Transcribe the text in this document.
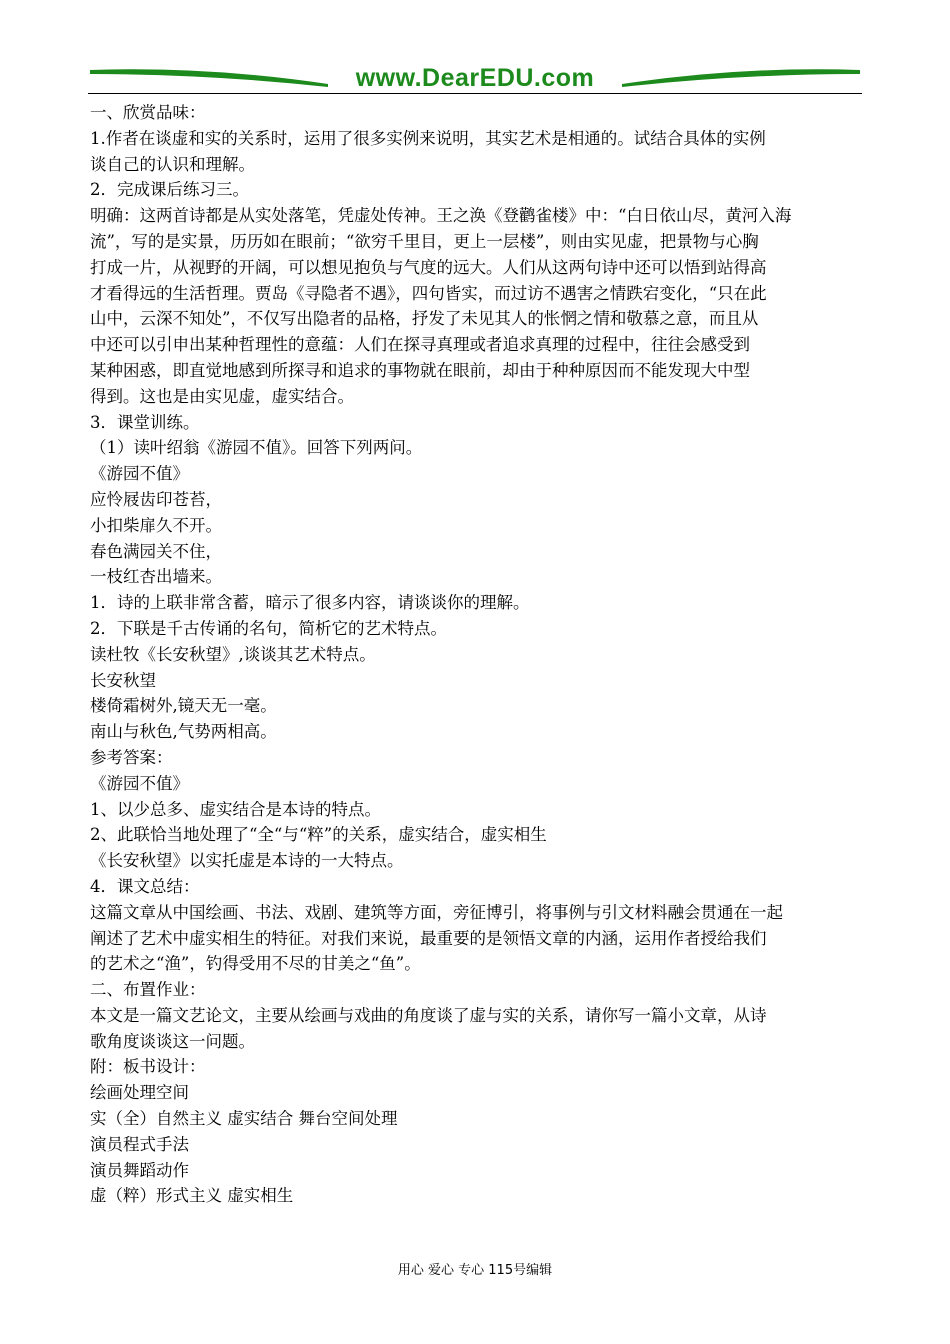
www.DearEDU.com
一、欣赏品味：
1.作者在谈虚和实的关系时，运用了很多实例来说明，其实艺术是相通的。试结合具体的实例
谈自己的认识和理解。
2．完成课后练习三。
明确：这两首诗都是从实处落笔，凭虚处传神。王之涣《登鹳雀楼》中：“白日依山尽，黄河入海
流”，写的是实景，历历如在眼前；“欲穷千里目，更上一层楼”，则由实见虚，把景物与心胸
打成一片，从视野的开阔，可以想见抱负与气度的远大。人们从这两句诗中还可以悟到站得高
才看得远的生活哲理。贾岛《寻隐者不遇》，四句皆实，而过访不遇害之情跌宕变化，“只在此
山中，云深不知处”，不仅写出隐者的品格，抒发了未见其人的怅惘之情和敬慕之意，而且从
中还可以引申出某种哲理性的意蕴：人们在探寻真理或者追求真理的过程中，往往会感受到
某种困惑，即直觉地感到所探寻和追求的事物就在眼前，却由于种种原因而不能发现大中型
得到。这也是由实见虚，虚实结合。
3．课堂训练。
（1）读叶绍翁《游园不值》。回答下列两问。
《游园不值》
应怜屐齿印苍苔，
小扣柴扉久不开。
春色满园关不住，
一枝红杏出墙来。
1．诗的上联非常含蓄，暗示了很多内容，请谈谈你的理解。
2．下联是千古传诵的名句，简析它的艺术特点。
读杜牧《长安秋望》,谈谈其艺术特点。
长安秋望
楼倚霜树外,镜天无一毫。
南山与秋色,气势两相高。
参考答案：
《游园不值》
1、以少总多、虚实结合是本诗的特点。
2、此联恰当地处理了“全“与“粹”的关系，虚实结合，虚实相生
《长安秋望》以实托虚是本诗的一大特点。
4．课文总结：
这篇文章从中国绘画、书法、戏剧、建筑等方面，旁征博引，将事例与引文材料融会贯通在一起
阐述了艺术中虚实相生的特征。对我们来说，最重要的是领悟文章的内涵，运用作者授给我们
的艺术之“渔”，钓得受用不尽的甘美之“鱼”。
二、布置作业：
本文是一篇文艺论文，主要从绘画与戏曲的角度谈了虚与实的关系，请你写一篇小文章，从诗
歌角度谈谈这一问题。
附：板书设计：
绘画处理空间
实（全）自然主义 虚实结合 舞台空间处理
演员程式手法
演员舞蹈动作
虚（粹）形式主义 虚实相生
用心 爱心 专心 115号编辑
